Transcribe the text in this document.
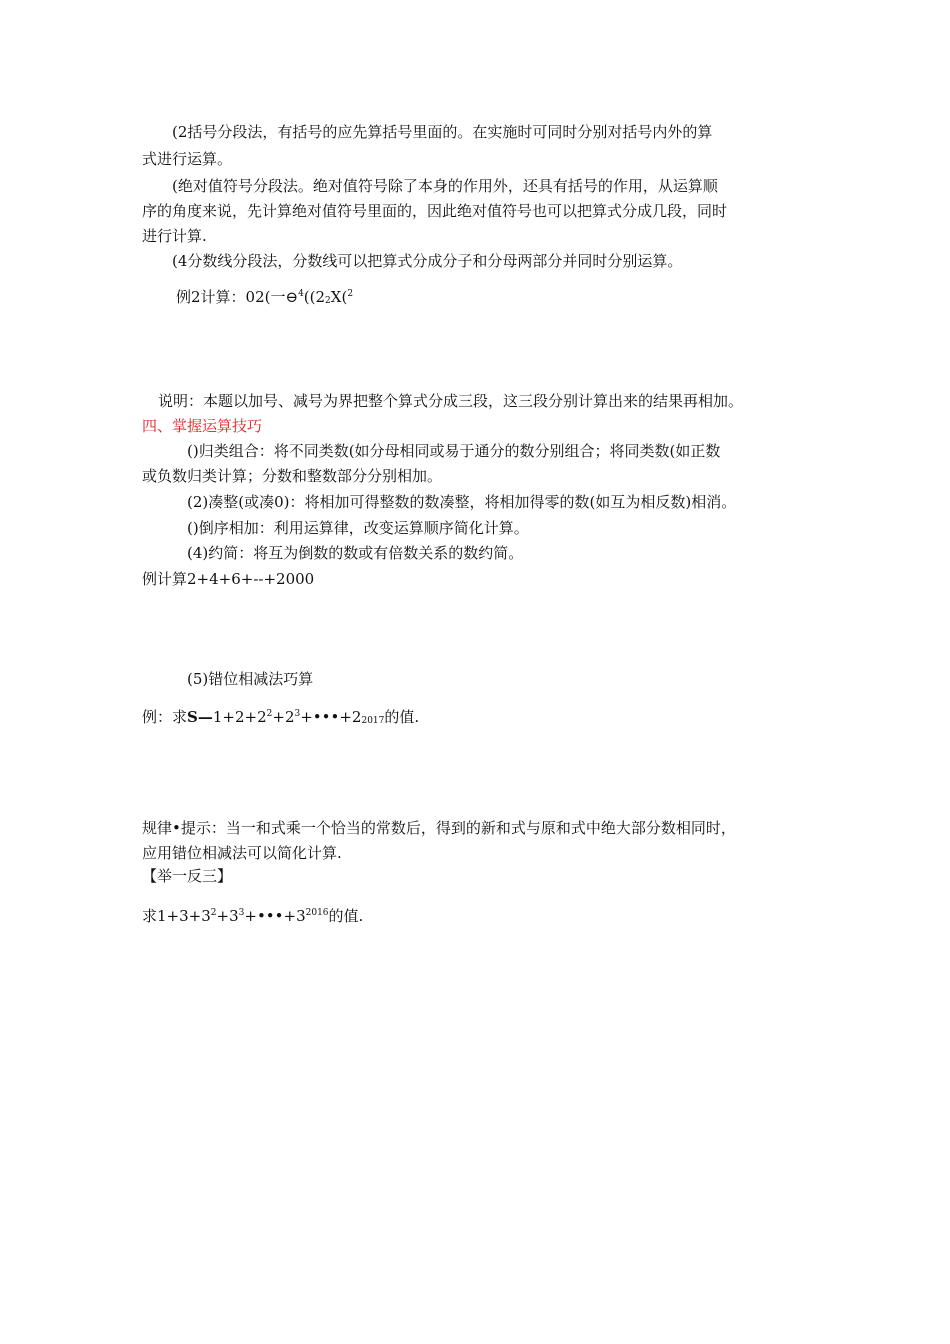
(2括号分段法，有括号的应先算括号里面的。在实施时可同时分别对括号内外的算
式进行运算。
(绝对值符号分段法。绝对值符号除了本身的作用外，还具有括号的作用，从运算顺
序的角度来说，先计算绝对值符号里面的，因此绝对值符号也可以把算式分成几段，同时
进行计算.
(4分数线分段法，分数线可以把算式分成分子和分母两部分并同时分别运算。
例2计算：02(一$⊖^4((2_2X(^2$
说明：本题以加号、减号为界把整个算式分成三段，这三段分别计算出来的结果再相加。
四、掌握运算技巧
()归类组合：将不同类数(如分母相同或易于通分的数分别组合；将同类数(如正数
或负数归类计算；分数和整数部分分别相加。
(2)凑整(或凑0)：将相加可得整数的数凑整，将相加得零的数(如互为相反数)相消。
()倒序相加：利用运算律，改变运算顺序简化计算。
(4)约简：将互为倒数的数或有倍数关系的数约简。
例计算2+4+6+--+2000
(5)错位相减法巧算
例：求$S—1+2+2^2+2^3+•••+2_{2017}$的值.
规律•提示：当一和式乘一个恰当的常数后，得到的新和式与原和式中绝大部分数相同时，
应用错位相减法可以简化计算.
【举一反三】
求$1+3+3^2+3^3+•••+3^{2016}$的值.
